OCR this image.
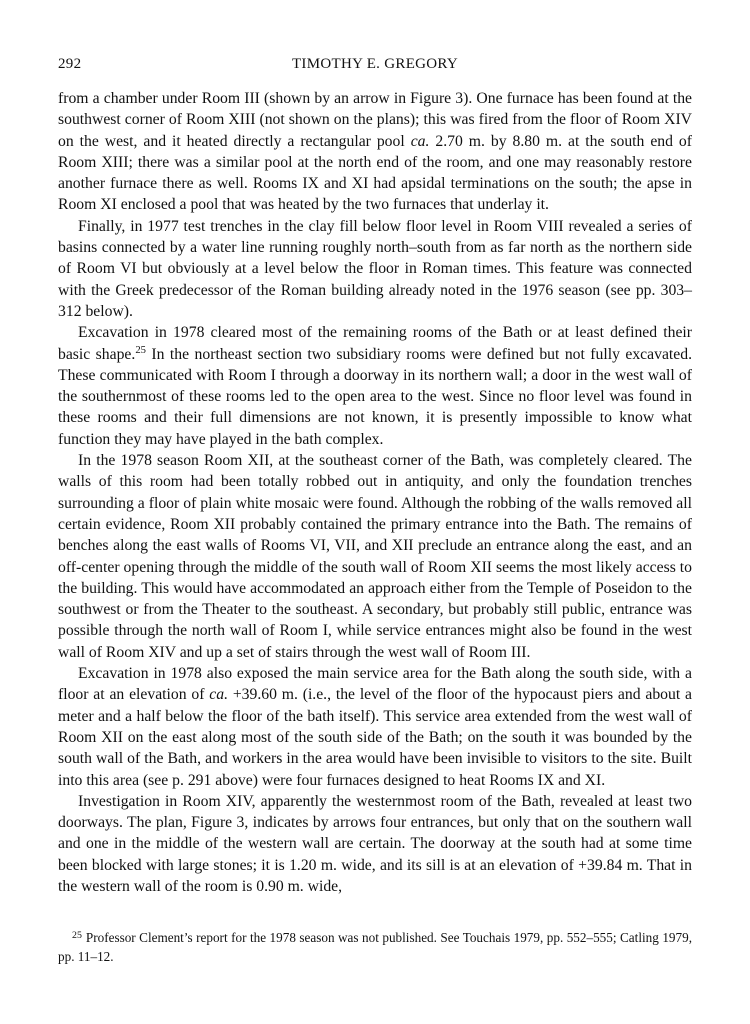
292	TIMOTHY E. GREGORY

from a chamber under Room III (shown by an arrow in Figure 3). One furnace has been found at the southwest corner of Room XIII (not shown on the plans); this was fired from the floor of Room XIV on the west, and it heated directly a rectangular pool ca. 2.70 m. by 8.80 m. at the south end of Room XIII; there was a similar pool at the north end of the room, and one may reasonably restore another furnace there as well. Rooms IX and XI had apsidal terminations on the south; the apse in Room XI enclosed a pool that was heated by the two furnaces that underlay it.

Finally, in 1977 test trenches in the clay fill below floor level in Room VIII revealed a series of basins connected by a water line running roughly north–south from as far north as the northern side of Room VI but obviously at a level below the floor in Roman times. This feature was connected with the Greek predecessor of the Roman building already noted in the 1976 season (see pp. 303–312 below).

Excavation in 1978 cleared most of the remaining rooms of the Bath or at least defined their basic shape.$^{25}$ In the northeast section two subsidiary rooms were defined but not fully excavated. These communicated with Room I through a doorway in its northern wall; a door in the west wall of the southernmost of these rooms led to the open area to the west. Since no floor level was found in these rooms and their full dimensions are not known, it is presently impossible to know what function they may have played in the bath complex.

In the 1978 season Room XII, at the southeast corner of the Bath, was completely cleared. The walls of this room had been totally robbed out in antiquity, and only the foundation trenches surrounding a floor of plain white mosaic were found. Although the robbing of the walls removed all certain evidence, Room XII probably contained the primary entrance into the Bath. The remains of benches along the east walls of Rooms VI, VII, and XII preclude an entrance along the east, and an off-center opening through the middle of the south wall of Room XII seems the most likely access to the building. This would have accommodated an approach either from the Temple of Poseidon to the southwest or from the Theater to the southeast. A secondary, but probably still public, entrance was possible through the north wall of Room I, while service entrances might also be found in the west wall of Room XIV and up a set of stairs through the west wall of Room III.

Excavation in 1978 also exposed the main service area for the Bath along the south side, with a floor at an elevation of ca. +39.60 m. (i.e., the level of the floor of the hypocaust piers and about a meter and a half below the floor of the bath itself). This service area extended from the west wall of Room XII on the east along most of the south side of the Bath; on the south it was bounded by the south wall of the Bath, and workers in the area would have been invisible to visitors to the site. Built into this area (see p. 291 above) were four furnaces designed to heat Rooms IX and XI.

Investigation in Room XIV, apparently the westernmost room of the Bath, revealed at least two doorways. The plan, Figure 3, indicates by arrows four entrances, but only that on the southern wall and one in the middle of the western wall are certain. The doorway at the south had at some time been blocked with large stones; it is 1.20 m. wide, and its sill is at an elevation of +39.84 m. That in the western wall of the room is 0.90 m. wide,

$^{25}$ Professor Clement’s report for the 1978 season was not published. See Touchais 1979, pp. 552–555; Catling 1979, pp. 11–12.
